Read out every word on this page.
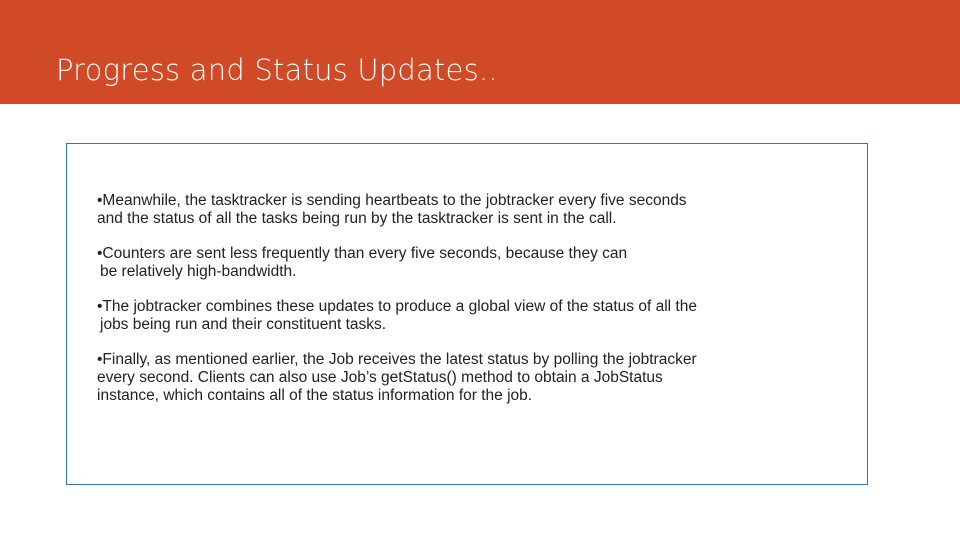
Progress and Status Updates..

•Meanwhile, the tasktracker is sending heartbeats to the jobtracker every five seconds

and the status of all the tasks being run by the tasktracker is sent in the call.

•Counters are sent less frequently than every five seconds, because they can

be relatively high-bandwidth.

•The jobtracker combines these updates to produce a global view of the status of all the

jobs being run and their constituent tasks.

•Finally, as mentioned earlier, the Job receives the latest status by polling the jobtracker

every second. Clients can also use Job’s getStatus() method to obtain a JobStatus

instance, which contains all of the status information for the job.
